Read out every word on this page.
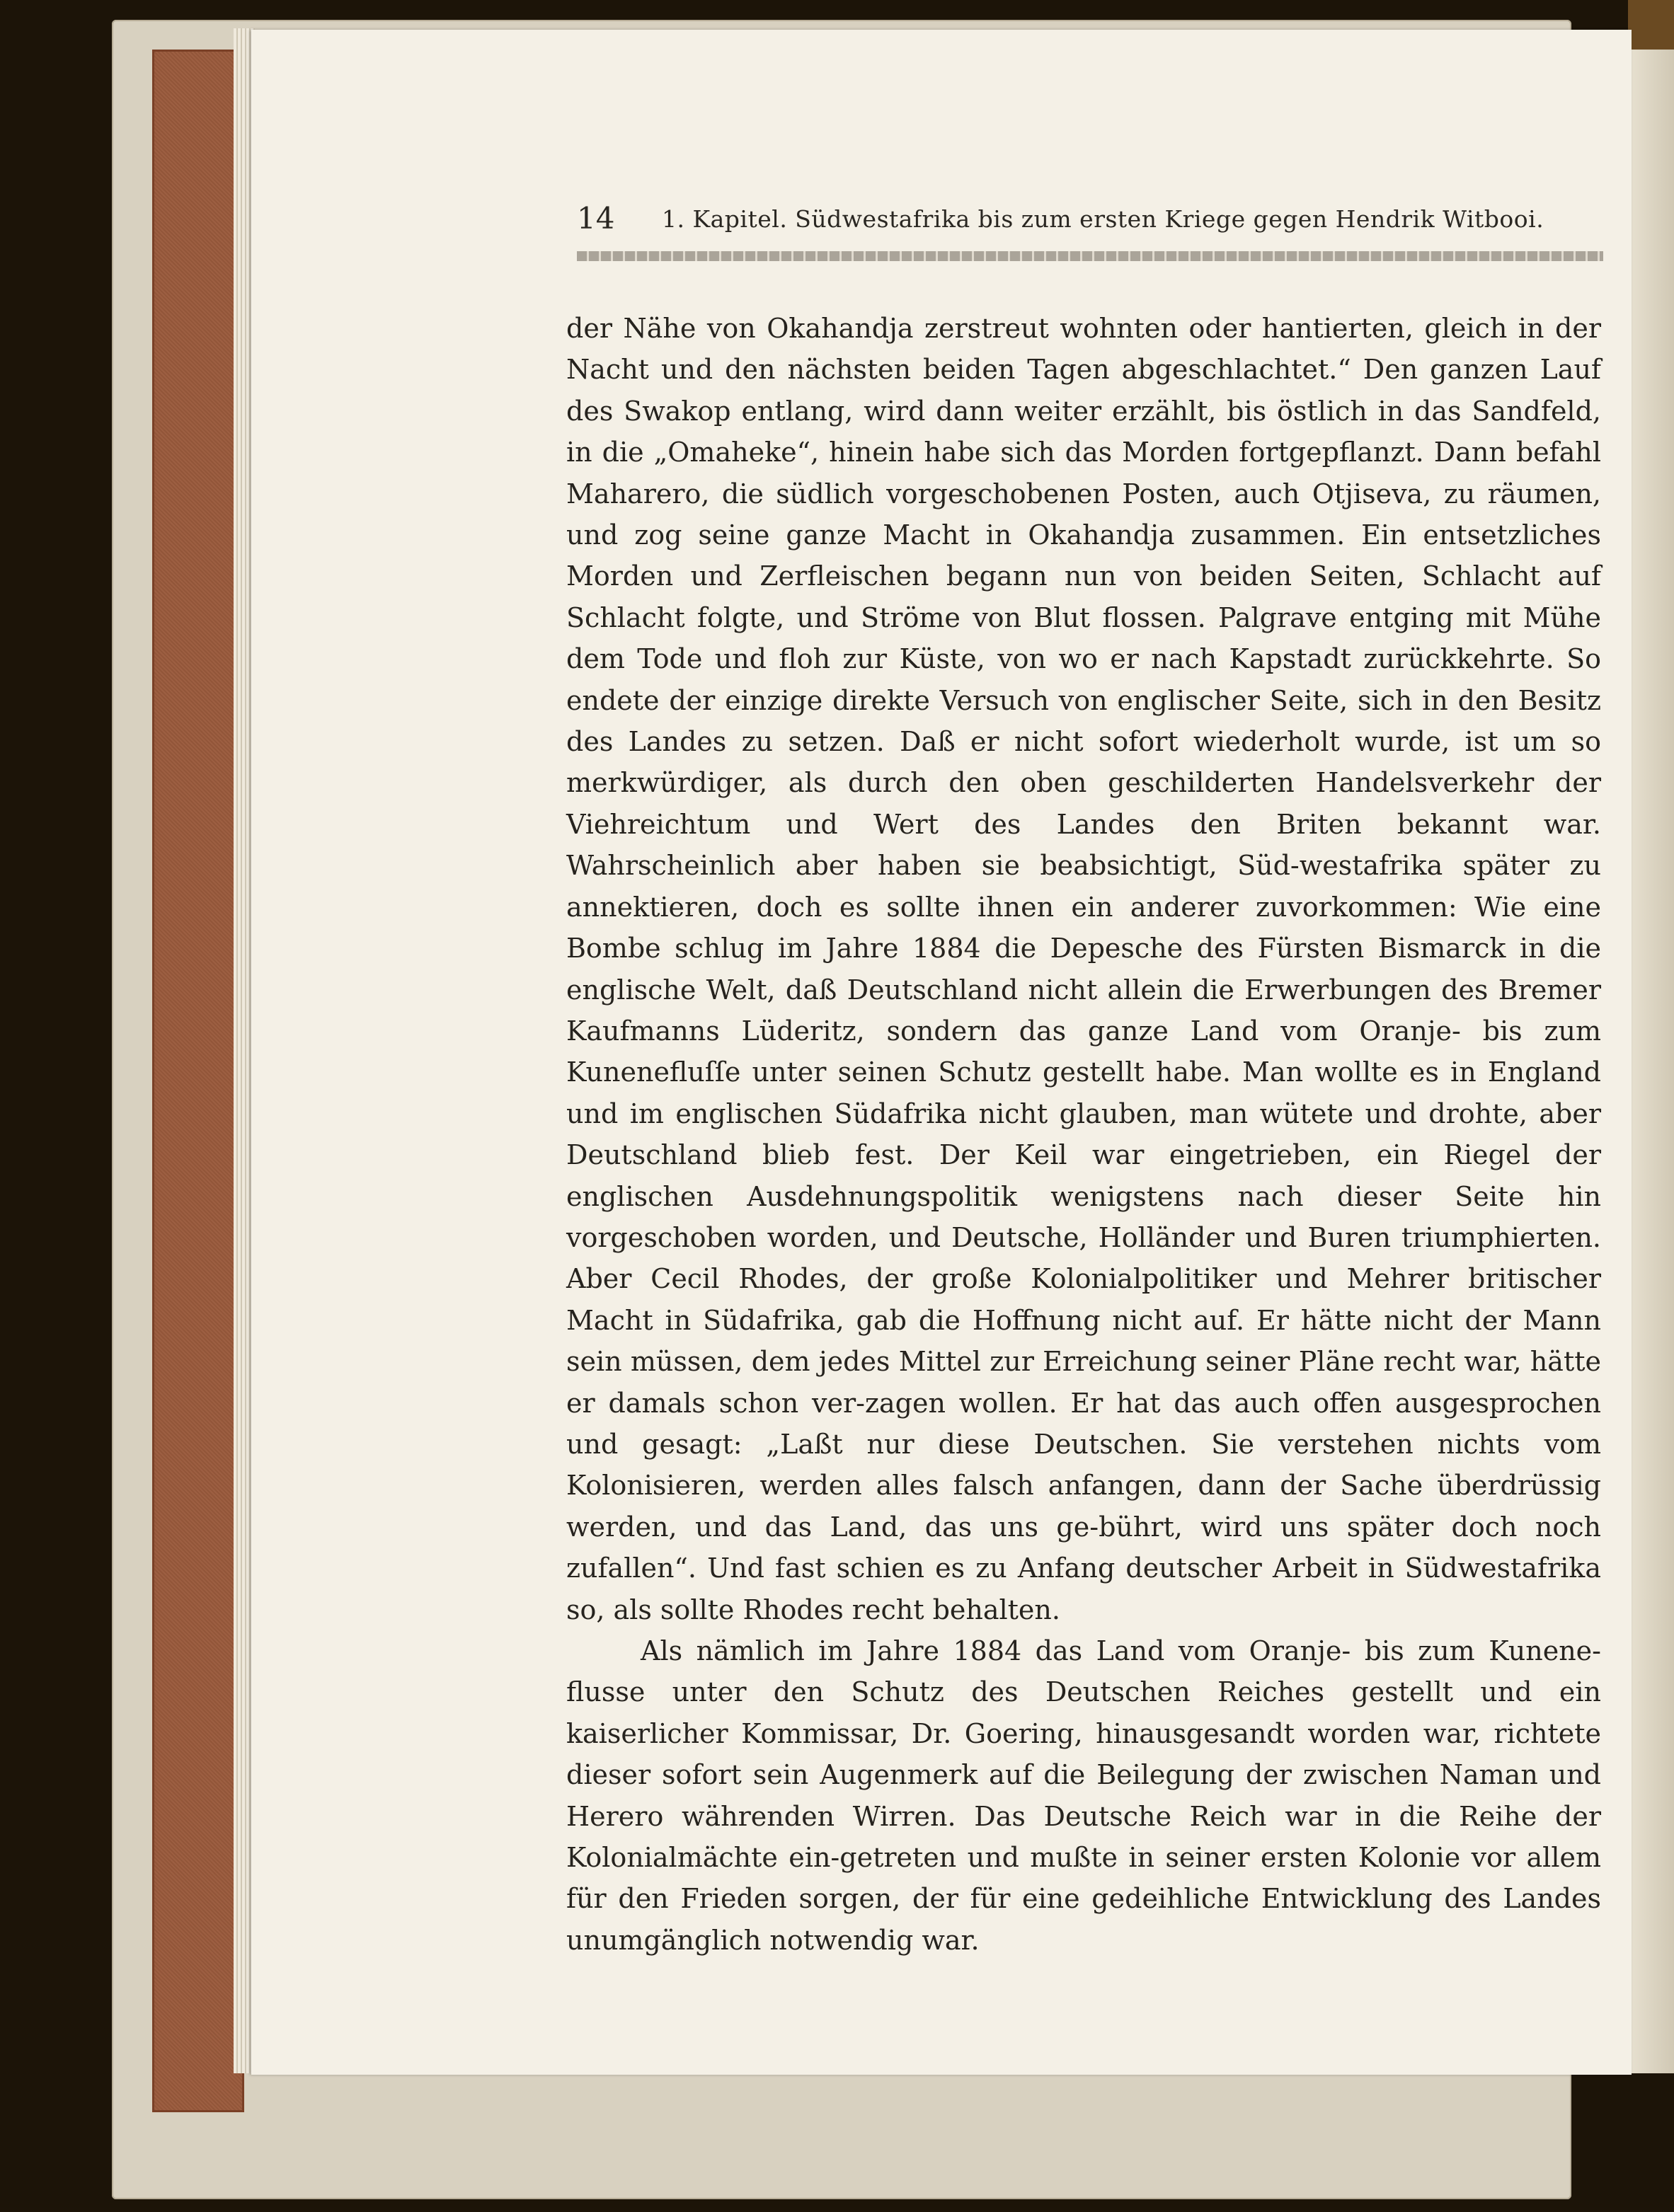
14 1. Kapitel. Südwestafrika bis zum ersten Kriege gegen Hendrik Witbooi.

der Nähe von Okahandja zerstreut wohnten oder hantierten, gleich in der Nacht und den nächsten beiden Tagen abgeschlachtet.“ Den ganzen Lauf des Swakop entlang, wird dann weiter erzählt, bis östlich in das Sandfeld, in die „Omaheke“, hinein habe sich das Morden fortgepflanzt. Dann befahl Maharero, die südlich vorgeschobenen Posten, auch Otjiseva, zu räumen, und zog seine ganze Macht in Okahandja zusammen. Ein entsetzliches Morden und Zerfleischen begann nun von beiden Seiten, Schlacht auf Schlacht folgte, und Ströme von Blut flossen. Palgrave entging mit Mühe dem Tode und floh zur Küste, von wo er nach Kapstadt zurückkehrte. So endete der einzige direkte Versuch von englischer Seite, sich in den Besitz des Landes zu setzen. Daß er nicht sofort wiederholt wurde, ist um so merkwürdiger, als durch den oben geschilderten Handelsverkehr der Viehreichtum und Wert des Landes den Briten bekannt war. Wahrscheinlich aber haben sie beabsichtigt, Süd-westafrika später zu annektieren, doch es sollte ihnen ein anderer zuvorkommen: Wie eine Bombe schlug im Jahre 1884 die Depesche des Fürsten Bismarck in die englische Welt, daß Deutschland nicht allein die Erwerbungen des Bremer Kaufmanns Lüderitz, sondern das ganze Land vom Oranje- bis zum Kunenefluſſe unter seinen Schutz gestellt habe. Man wollte es in England und im englischen Südafrika nicht glauben, man wütete und drohte, aber Deutschland blieb fest. Der Keil war eingetrieben, ein Riegel der englischen Ausdehnungspolitik wenigstens nach dieser Seite hin vorgeschoben worden, und Deutsche, Holländer und Buren triumphierten. Aber Cecil Rhodes, der große Kolonialpolitiker und Mehrer britischer Macht in Südafrika, gab die Hoffnung nicht auf. Er hätte nicht der Mann sein müssen, dem jedes Mittel zur Erreichung seiner Pläne recht war, hätte er damals schon ver-zagen wollen. Er hat das auch offen ausgesprochen und gesagt: „Laßt nur diese Deutschen. Sie verstehen nichts vom Kolonisieren, werden alles falsch anfangen, dann der Sache überdrüssig werden, und das Land, das uns ge-bührt, wird uns später doch noch zufallen“. Und fast schien es zu Anfang deutscher Arbeit in Südwestafrika so, als sollte Rhodes recht behalten.

Als nämlich im Jahre 1884 das Land vom Oranje- bis zum Kunene-flusse unter den Schutz des Deutschen Reiches gestellt und ein kaiserlicher Kommissar, Dr. Goering, hinausgesandt worden war, richtete dieser sofort sein Augenmerk auf die Beilegung der zwischen Naman und Herero währenden Wirren. Das Deutsche Reich war in die Reihe der Kolonialmächte ein-getreten und mußte in seiner ersten Kolonie vor allem für den Frieden sorgen, der für eine gedeihliche Entwicklung des Landes unumgänglich notwendig war.
